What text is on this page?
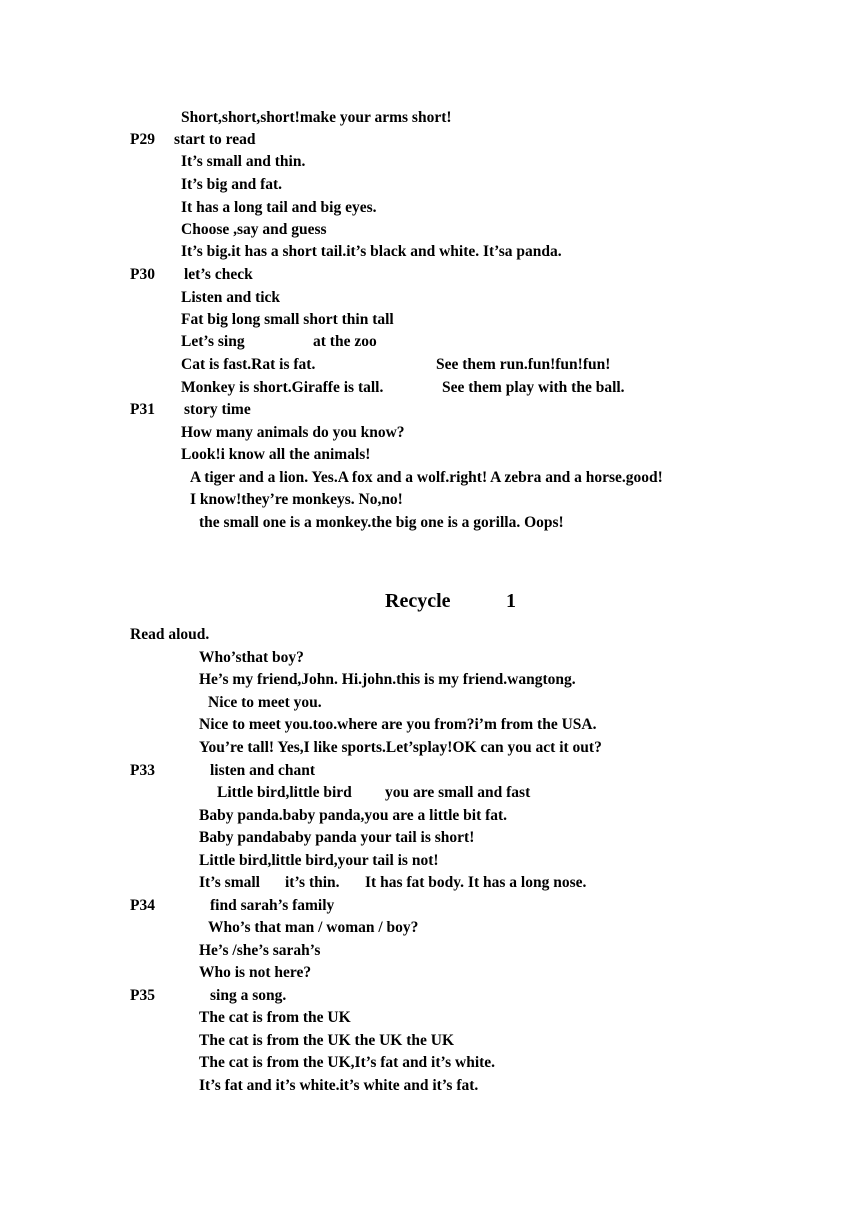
Short,short,short!make your arms short!
P29 start to read
It’s small and thin.
It’s big and fat.
It has a long tail and big eyes.
Choose ,say and guess
It’s big.it has a short tail.it’s black and white. It’sa panda.
P30 let’s check
Listen and tick
Fat big long small short thin tall
Let’s sing	at the zoo
Cat is fast.Rat is fat.	See them run.fun!fun!fun!
Monkey is short.Giraffe is tall.	See them play with the ball.
P31 story time
How many animals do you know?
Look!i know all the animals!
A tiger and a lion. Yes.A fox and a wolf.right! A zebra and a horse.good!
I know!they’re monkeys. No,no!
the small one is a monkey.the big one is a gorilla. Oops!
Recycle	1
Read aloud.
Who’sthat boy?
He’s my friend,John. Hi.john.this is my friend.wangtong.
Nice to meet you.
Nice to meet you.too.where are you from?i’m from the USA.
You’re tall! Yes,I like sports.Let’splay!OK can you act it out?
P33	listen and chant
Little bird,little bird you are small and fast
Baby panda.baby panda,you are a little bit fat.
Baby pandababy panda your tail is short!
Little bird,little bird,your tail is not!
It’s small it’s thin. It has fat body. It has a long nose.
P34	find sarah’s family
Who’s that man / woman / boy?
He’s /she’s sarah’s
Who is not here?
P35	sing a song.
The cat is from the UK
The cat is from the UK the UK the UK
The cat is from the UK,It’s fat and it’s white.
It’s fat and it’s white.it’s white and it’s fat.
